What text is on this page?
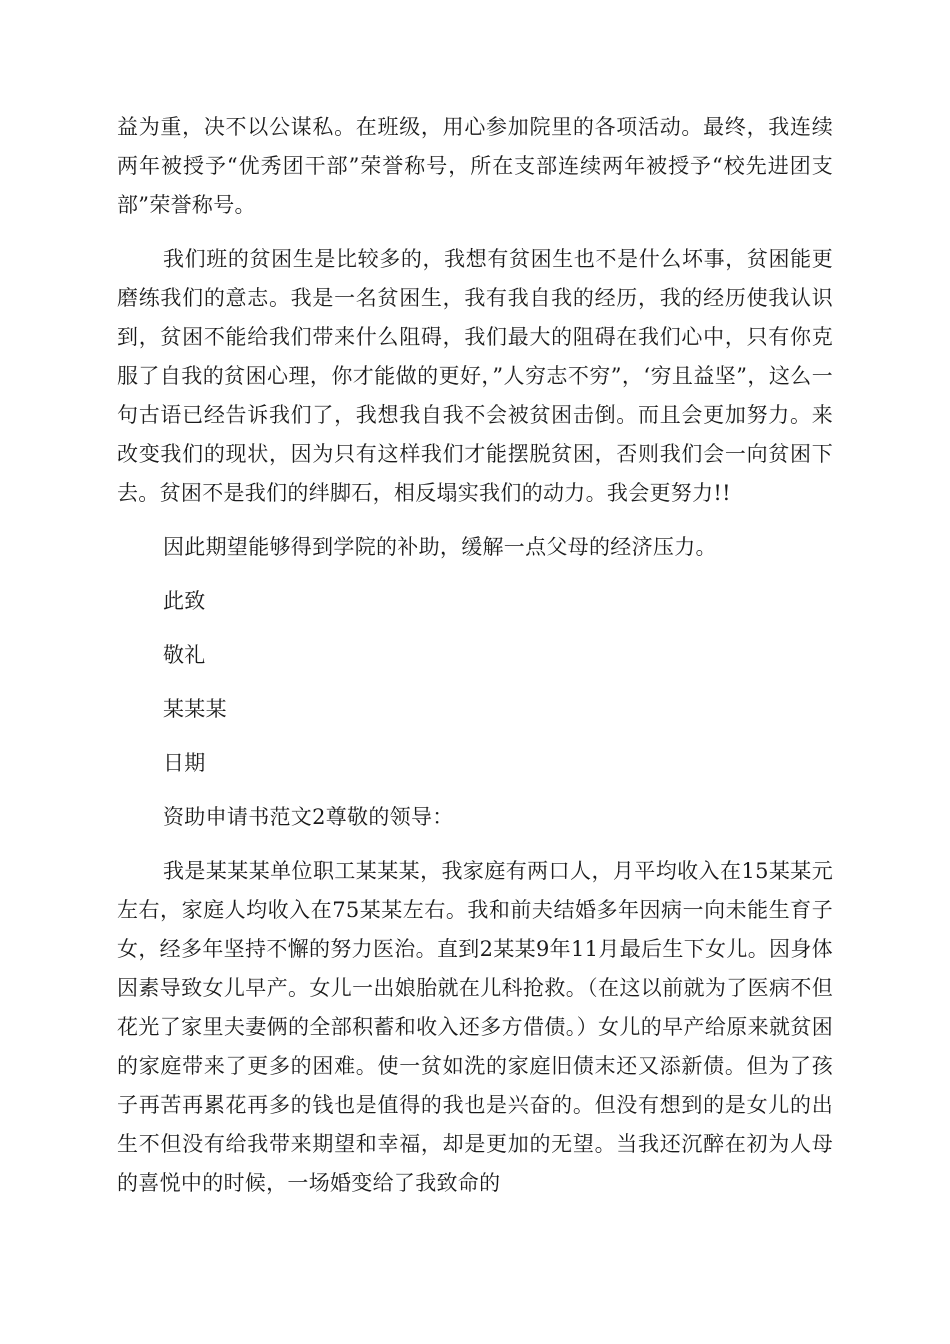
益为重，决不以公谋私。在班级，用心参加院里的各项活动。最终，我连续两年被授予“优秀团干部”荣誉称号，所在支部连续两年被授予“校先进团支部”荣誉称号。

我们班的贫困生是比较多的，我想有贫困生也不是什么坏事，贫困能更磨练我们的意志。我是一名贫困生，我有我自我的经历，我的经历使我认识到，贫困不能给我们带来什么阻碍，我们最大的阻碍在我们心中，只有你克服了自我的贫困心理，你才能做的更好，”人穷志不穷”，‘穷且益坚”，这么一句古语已经告诉我们了，我想我自我不会被贫困击倒。而且会更加努力。来改变我们的现状，因为只有这样我们才能摆脱贫困，否则我们会一向贫困下去。贫困不是我们的绊脚石，相反塌实我们的动力。我会更努力!!

因此期望能够得到学院的补助，缓解一点父母的经济压力。

此致

敬礼

某某某

日期

资助申请书范文2尊敬的领导：

我是某某某单位职工某某某，我家庭有两口人，月平均收入在15某某元左右，家庭人均收入在75某某左右。我和前夫结婚多年因病一向未能生育子女，经多年坚持不懈的努力医治。直到2某某9年11月最后生下女儿。因身体因素导致女儿早产。女儿一出娘胎就在儿科抢救。（在这以前就为了医病不但花光了家里夫妻俩的全部积蓄和收入还多方借债。）女儿的早产给原来就贫困的家庭带来了更多的困难。使一贫如洗的家庭旧债末还又添新债。但为了孩子再苦再累花再多的钱也是值得的我也是兴奋的。但没有想到的是女儿的出生不但没有给我带来期望和幸福，却是更加的无望。当我还沉醉在初为人母的喜悦中的时候，一场婚变给了我致命的
